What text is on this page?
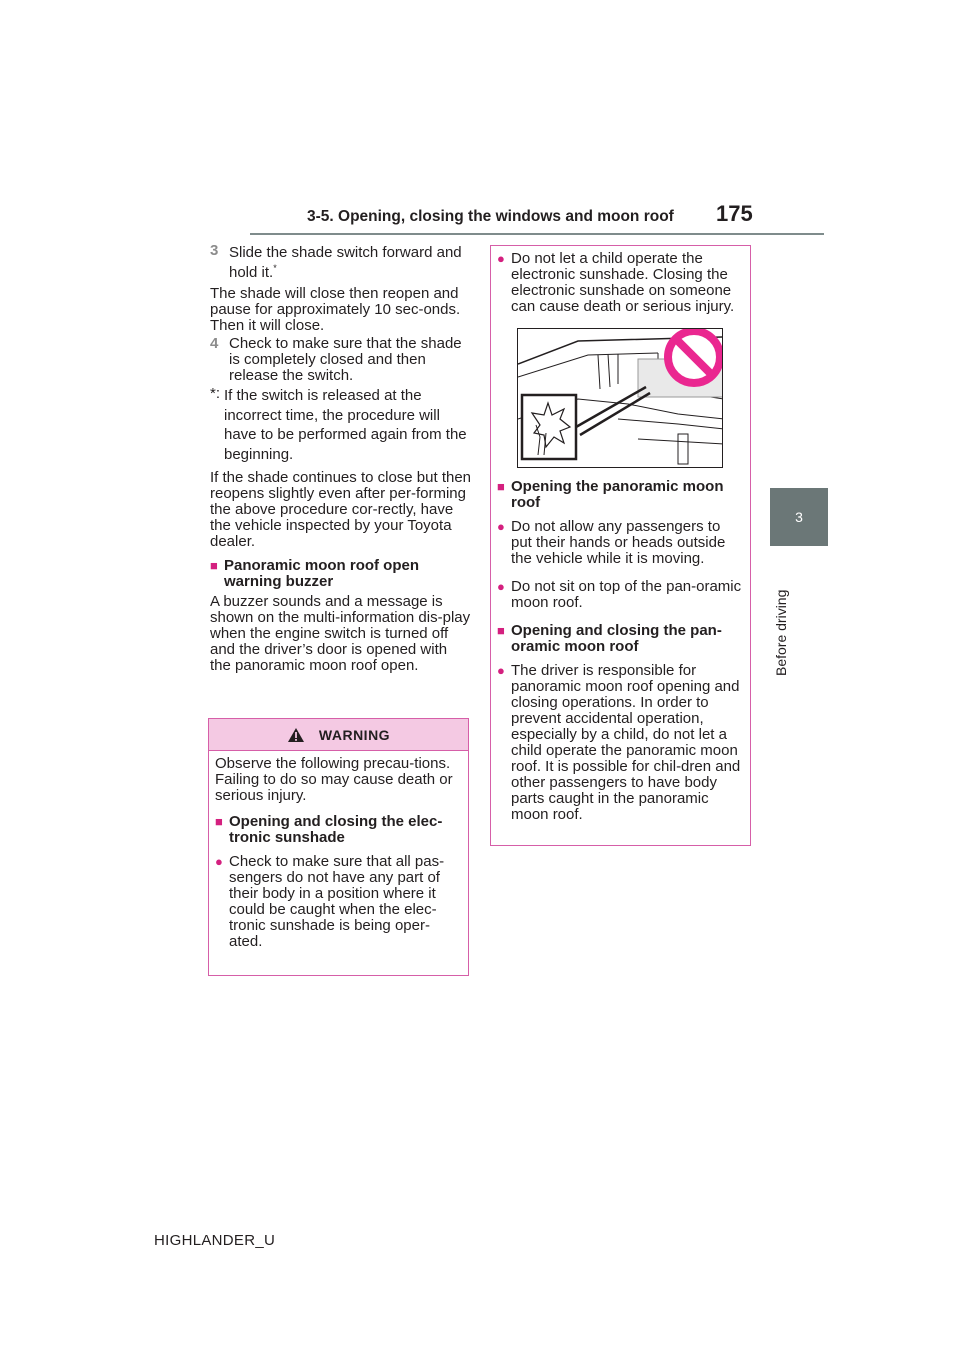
3-5. Opening, closing the windows and moon roof 175
3
Before driving
3 Slide the shade switch forward and hold it.*
The shade will close then reopen and pause for approximately 10 sec-onds. Then it will close.
4 Check to make sure that the shade is completely closed and then release the switch.
*: If the switch is released at the incorrect time, the procedure will have to be performed again from the beginning.
If the shade continues to close but then reopens slightly even after per-forming the above procedure cor-rectly, have the vehicle inspected by your Toyota dealer.
■ Panoramic moon roof open warning buzzer
A buzzer sounds and a message is shown on the multi-information dis-play when the engine switch is turned off and the driver’s door is opened with the panoramic moon roof open.
WARNING
Observe the following precau-tions.
Failing to do so may cause death or serious injury.
■ Opening and closing the elec-tronic sunshade
● Check to make sure that all pas-sengers do not have any part of their body in a position where it could be caught when the elec-tronic sunshade is being oper-ated.
● Do not let a child operate the electronic sunshade. Closing the electronic sunshade on someone can cause death or serious injury.
■ Opening the panoramic moon roof
● Do not allow any passengers to put their hands or heads outside the vehicle while it is moving.
● Do not sit on top of the pan-oramic moon roof.
■ Opening and closing the pan-oramic moon roof
● The driver is responsible for panoramic moon roof opening and closing operations. In order to prevent accidental operation, especially by a child, do not let a child operate the panoramic moon roof. It is possible for chil-dren and other passengers to have body parts caught in the panoramic moon roof.
HIGHLANDER_U
